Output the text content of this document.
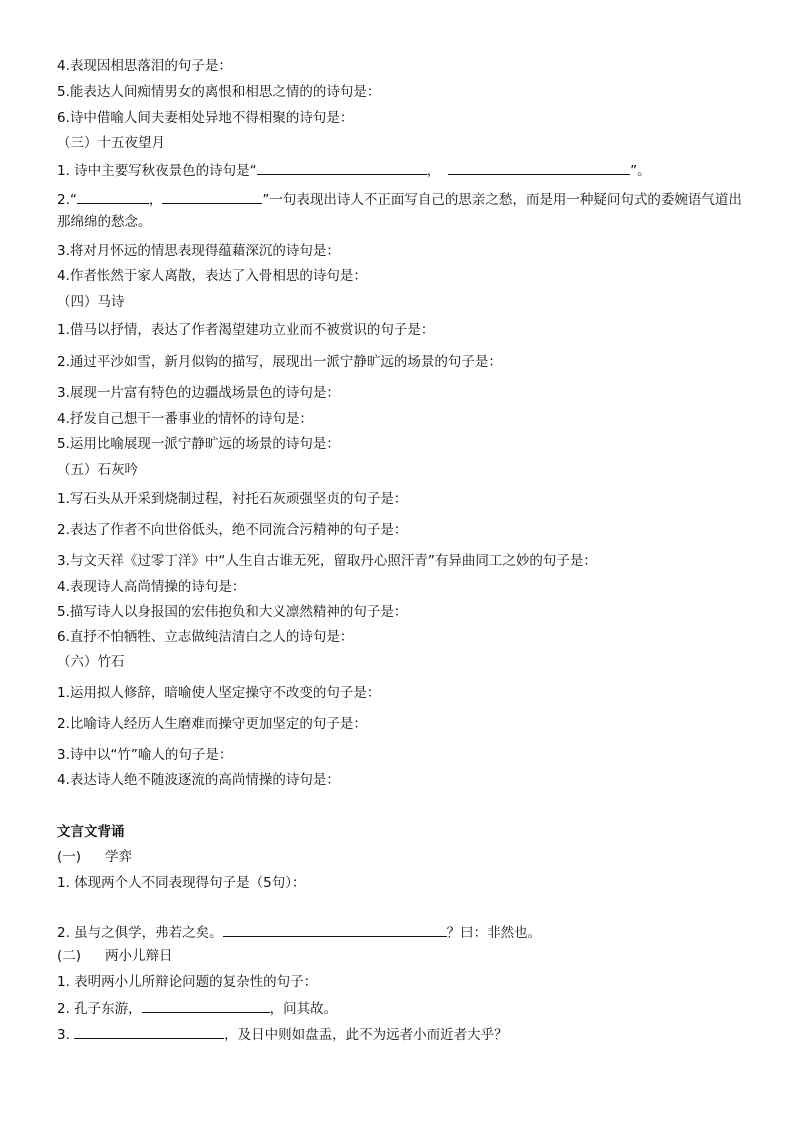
4.表现因相思落泪的句子是：
5.能表达人间痴情男女的离恨和相思之情的的诗句是：
6.诗中借喻人间夫妻相处异地不得相聚的诗句是：
（三）十五夜望月
1. 诗中主要写秋夜景色的诗句是“	，	”。
2.“	，	”一句表现出诗人不正面写自己的思亲之愁，而是用一种疑问句式的委婉语气道出那绵绵的愁念。
3.将对月怀远的情思表现得蕴藉深沉的诗句是：
4.作者怅然于家人离散，表达了入骨相思的诗句是：
（四）马诗
1.借马以抒情，表达了作者渴望建功立业而不被赏识的句子是：
2.通过平沙如雪，新月似钩的描写，展现出一派宁静旷远的场景的句子是：
3.展现一片富有特色的边疆战场景色的诗句是：
4.抒发自己想干一番事业的情怀的诗句是：
5.运用比喻展现一派宁静旷远的场景的诗句是：
（五）石灰吟
1.写石头从开采到烧制过程，衬托石灰顽强坚贞的句子是：
2.表达了作者不向世俗低头，绝不同流合污精神的句子是：
3.与文天祥《过零丁洋》中“人生自古谁无死，留取丹心照汗青”有异曲同工之妙的句子是：
4.表现诗人高尚情操的诗句是：
5.描写诗人以身报国的宏伟抱负和大义凛然精神的句子是：
6.直抒不怕牺牲、立志做纯洁清白之人的诗句是：
（六）竹石
1.运用拟人修辞，暗喻使人坚定操守不改变的句子是：
2.比喻诗人经历人生磨难而操守更加坚定的句子是：
3.诗中以“竹”喻人的句子是：
4.表达诗人绝不随波逐流的高尚情操的诗句是：
文言文背诵
(一) 学弈
1. 体现两个人不同表现得句子是（5句）：
2. 虽与之俱学，弗若之矣。	？曰：非然也。
(二) 两小儿辩日
1. 表明两小儿所辩论问题的复杂性的句子：
2. 孔子东游，	，问其故。
3.	，及日中则如盘盂，此不为远者小而近者大乎？
